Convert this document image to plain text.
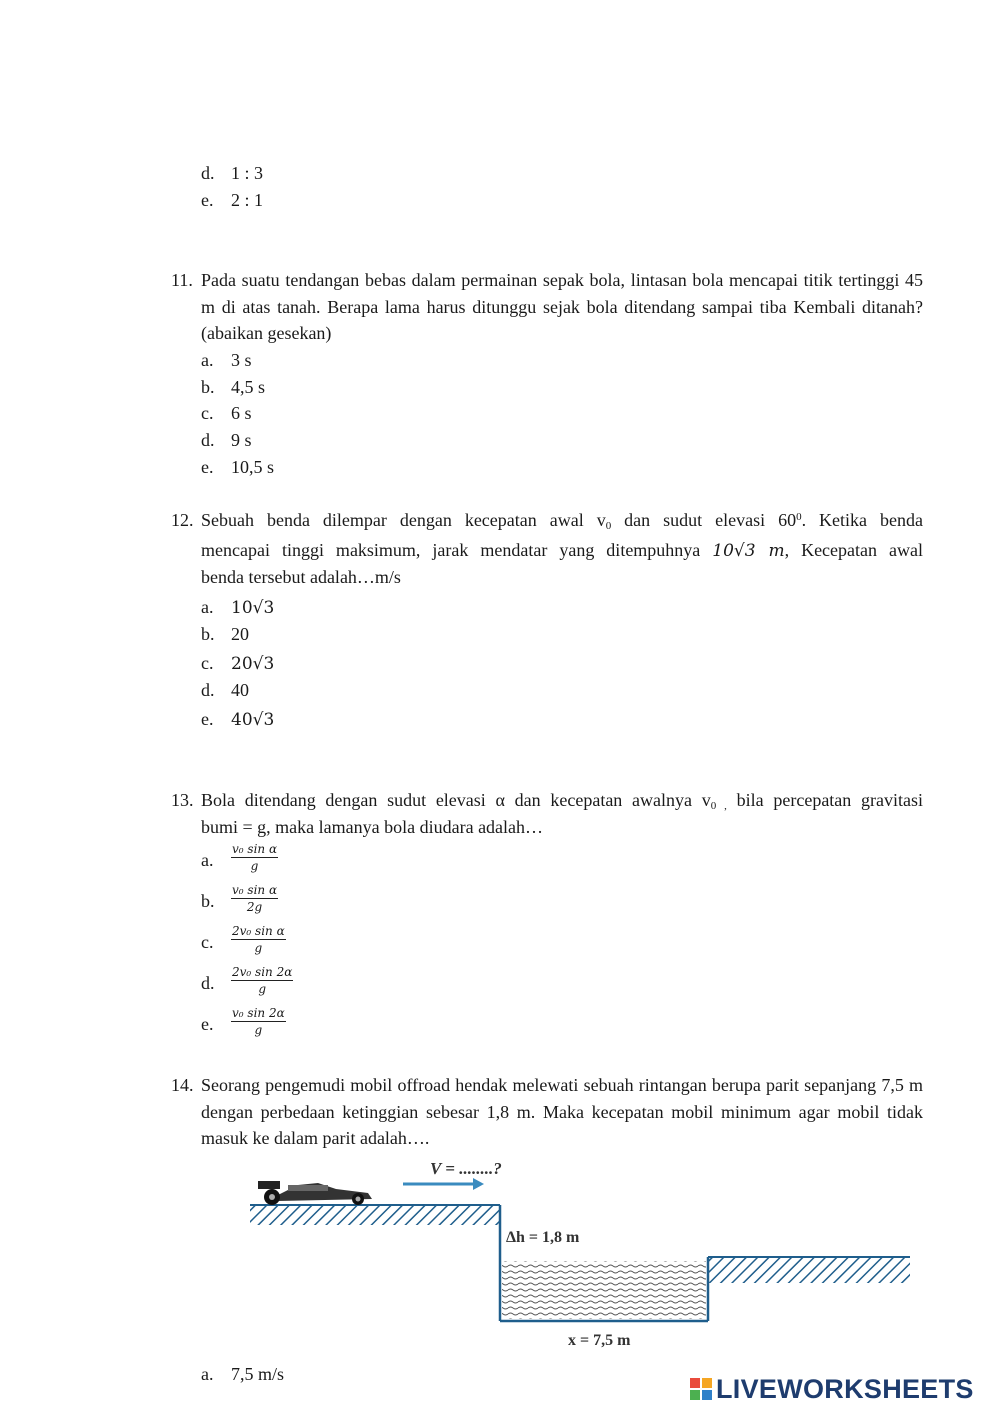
d. 1 : 3
e. 2 : 1
11. Pada suatu tendangan bebas dalam permainan sepak bola, lintasan bola mencapai titik tertinggi 45 m di atas tanah. Berapa lama harus ditunggu sejak bola ditendang sampai tiba Kembali ditanah? (abaikan gesekan)
a. 3 s
b. 4,5 s
c. 6 s
d. 9 s
e. 10,5 s
12. Sebuah benda dilempar dengan kecepatan awal v0 dan sudut elevasi $60^0$. Ketika benda
mencapai tinggi maksimum, jarak mendatar yang ditempuhnya 10√3 m, Kecepatan awal
benda tersebut adalah…m/s
a. 10√3
b. 20
c. 20√3
d. 40
e. 40√3
13. Bola ditendang dengan sudut elevasi α dan kecepatan awalnya v0 , bila percepatan gravitasi
bumi = g, maka lamanya bola diudara adalah…
a. $\frac{\text{v₀ sin α}}{g}$
b. $\frac{\text{v₀ sin α}}{2g}$
c. $\frac{\text{2v₀ sin α}}{g}$
d. $\frac{\text{2v₀ sin 2α}}{g}$
e. $\frac{\text{v₀ sin 2α}}{g}$
14. Seorang pengemudi mobil offroad hendak melewati sebuah rintangan berupa parit sepanjang 7,5 m dengan perbedaan ketinggian sebesar 1,8 m. Maka kecepatan mobil minimum agar mobil tidak masuk ke dalam parit adalah….
V = ........?
Δh = 1,8 m
x = 7,5 m
a. 7,5 m/s	LIVEWORKSHEETS
